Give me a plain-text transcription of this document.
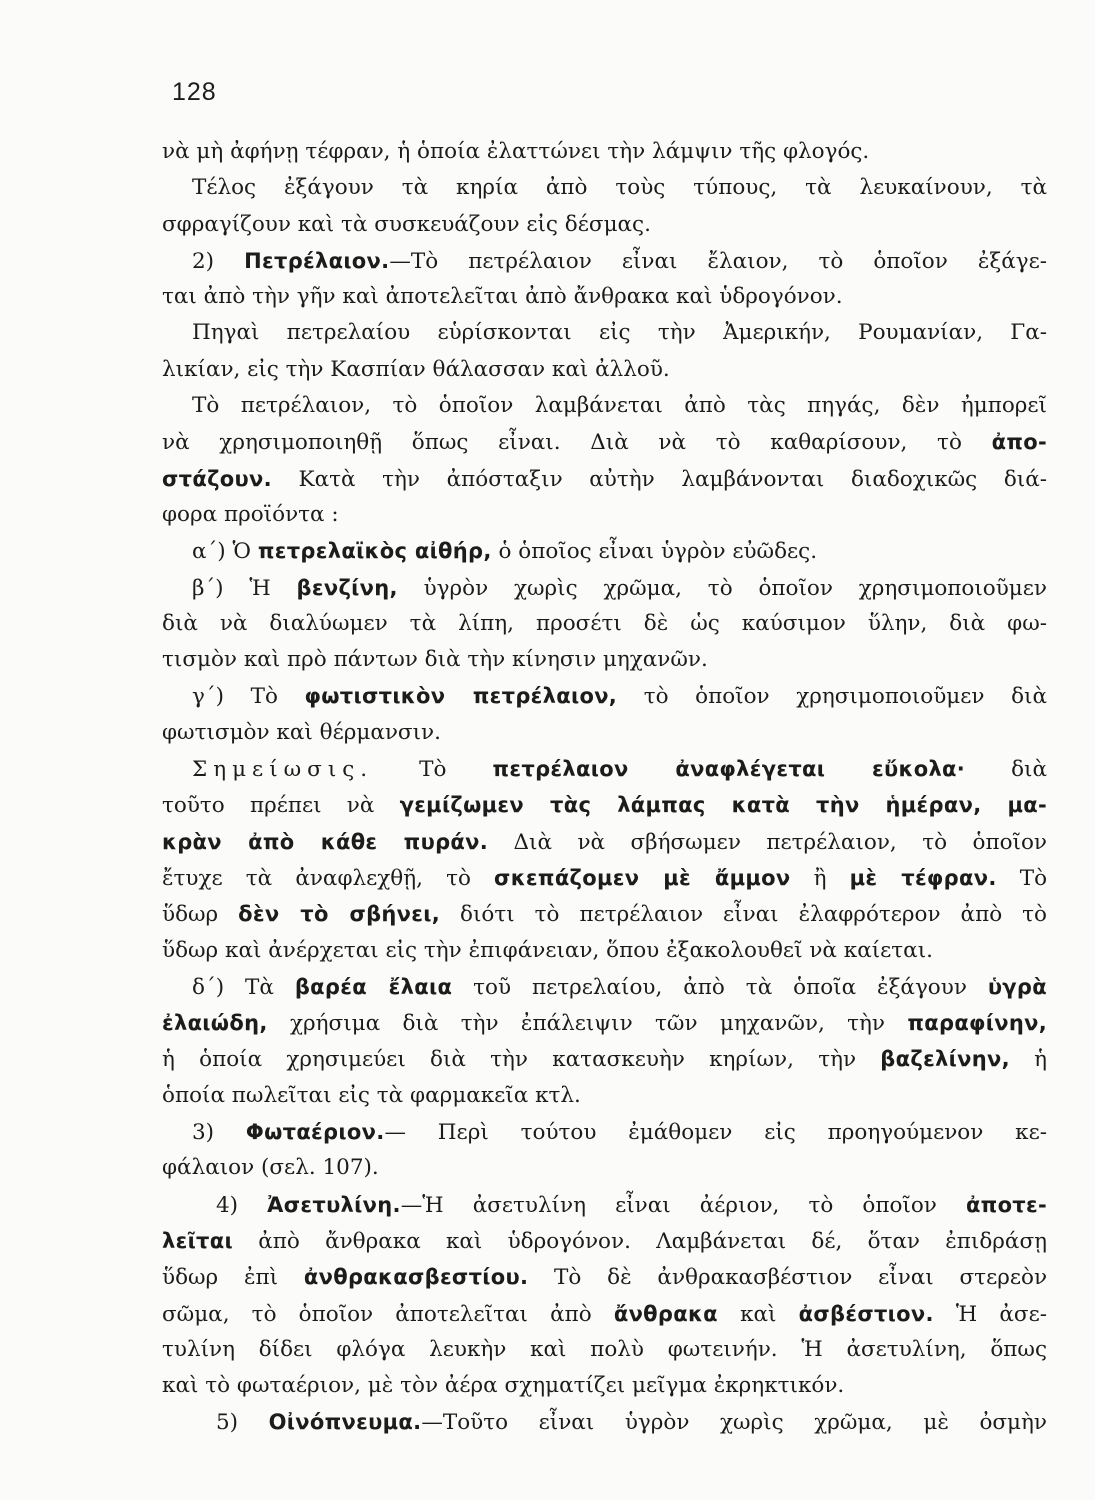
128
νὰ μὴ ἀφήνῃ τέφραν, ἡ ὁποία ἐλαττώνει τὴν λάμψιν τῆς φλογός.
Τέλος ἐξάγουν τὰ κηρία ἀπὸ τοὺς τύπους, τὰ λευκαίνουν, τὰ
σφραγίζουν καὶ τὰ συσκευάζουν εἰς δέσμας.
2) Πετρέλαιον.—Τὸ πετρέλαιον εἶναι ἔλαιον, τὸ ὁποῖον ἐξάγε-
ται ἀπὸ τὴν γῆν καὶ ἀποτελεῖται ἀπὸ ἄνθρακα καὶ ὑδρογόνον.
Πηγαὶ πετρελαίου εὑρίσκονται εἰς τὴν Ἀμερικήν, Ρουμανίαν, Γα-
λικίαν, εἰς τὴν Κασπίαν θάλασσαν καὶ ἀλλοῦ.
Τὸ πετρέλαιον, τὸ ὁποῖον λαμβάνεται ἀπὸ τὰς πηγάς, δὲν ἠμπορεῖ
νὰ χρησιμοποιηθῇ ὅπως εἶναι. Διὰ νὰ τὸ καθαρίσουν, τὸ ἀπο-
στάζουν. Κατὰ τὴν ἀπόσταξιν αὐτὴν λαμβάνονται διαδοχικῶς διά-
φορα προϊόντα :
α΄) Ὁ πετρελαϊκὸς αἰθήρ, ὁ ὁποῖος εἶναι ὑγρὸν εὐῶδες.
β΄) Ἡ βενζίνη, ὑγρὸν χωρὶς χρῶμα, τὸ ὁποῖον χρησιμοποιοῦμεν
διὰ νὰ διαλύωμεν τὰ λίπη, προσέτι δὲ ὡς καύσιμον ὕλην, διὰ φω-
τισμὸν καὶ πρὸ πάντων διὰ τὴν κίνησιν μηχανῶν.
γ΄) Τὸ φωτιστικὸν πετρέλαιον, τὸ ὁποῖον χρησιμοποιοῦμεν διὰ
φωτισμὸν καὶ θέρμανσιν.
Σημείωσις. Τὸ πετρέλαιον ἀναφλέγεται εὔκολα· διὰ
τοῦτο πρέπει νὰ γεμίζωμεν τὰς λάμπας κατὰ τὴν ἡμέραν, μα-
κρὰν ἀπὸ κάθε πυράν. Διὰ νὰ σβήσωμεν πετρέλαιον, τὸ ὁποῖον
ἔτυχε τὰ ἀναφλεχθῇ, τὸ σκεπάζομεν μὲ ἄμμον ἢ μὲ τέφραν. Τὸ
ὕδωρ δὲν τὸ σβήνει, διότι τὸ πετρέλαιον εἶναι ἐλαφρότερον ἀπὸ τὸ
ὕδωρ καὶ ἀνέρχεται εἰς τὴν ἐπιφάνειαν, ὅπου ἐξακολουθεῖ νὰ καίεται.
δ΄) Τὰ βαρέα ἔλαια τοῦ πετρελαίου, ἀπὸ τὰ ὁποῖα ἐξάγουν ὑγρὰ
ἐλαιώδη, χρήσιμα διὰ τὴν ἐπάλειψιν τῶν μηχανῶν, τὴν παραφίνην,
ἡ ὁποία χρησιμεύει διὰ τὴν κατασκευὴν κηρίων, τὴν βαζελίνην, ἡ
ὁποία πωλεῖται εἰς τὰ φαρμακεῖα κτλ.
3) Φωταέριον.— Περὶ τούτου ἐμάθομεν εἰς προηγούμενον κε-
φάλαιον (σελ. 107).
4) Ἀσετυλίνη.—Ἡ ἀσετυλίνη εἶναι ἀέριον, τὸ ὁποῖον ἀποτε-
λεῖται ἀπὸ ἄνθρακα καὶ ὑδρογόνον. Λαμβάνεται δέ, ὅταν ἐπιδράσῃ
ὕδωρ ἐπὶ ἀνθρακασβεστίου. Τὸ δὲ ἀνθρακασβέστιον εἶναι στερεὸν
σῶμα, τὸ ὁποῖον ἀποτελεῖται ἀπὸ ἄνθρακα καὶ ἀσβέστιον. Ἡ ἀσε-
τυλίνη δίδει φλόγα λευκὴν καὶ πολὺ φωτεινήν. Ἡ ἀσετυλίνη, ὅπως
καὶ τὸ φωταέριον, μὲ τὸν ἀέρα σχηματίζει μεῖγμα ἐκρηκτικόν.
5) Οἰνόπνευμα.—Τοῦτο εἶναι ὑγρὸν χωρὶς χρῶμα, μὲ ὀσμὴν
